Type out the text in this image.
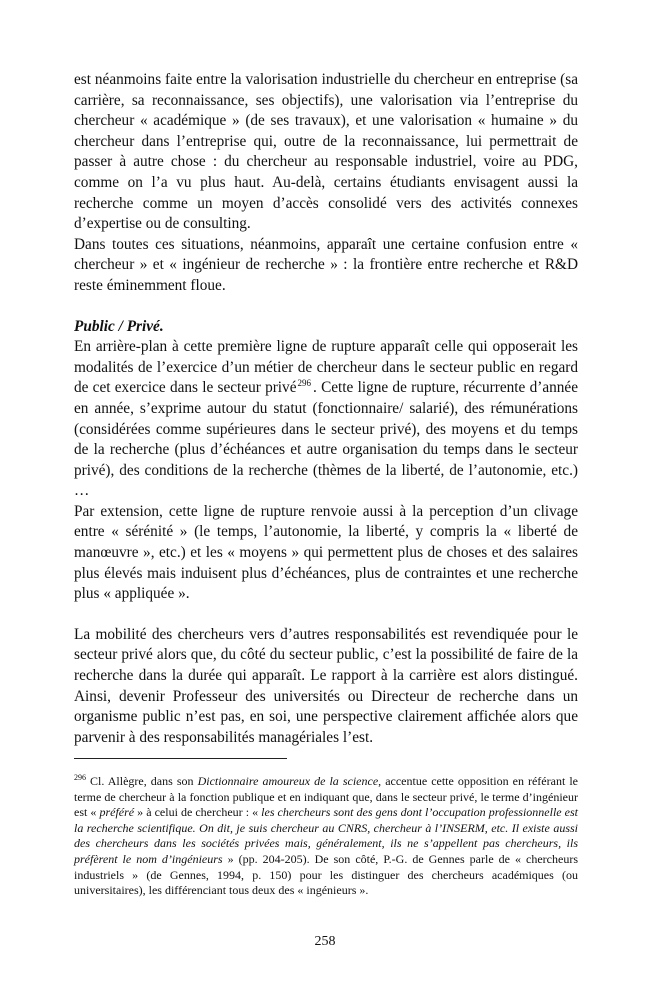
est néanmoins faite entre la valorisation industrielle du chercheur en entreprise (sa carrière, sa reconnaissance, ses objectifs), une valorisation via l’entreprise du chercheur « académique » (de ses travaux), et une valorisation « humaine » du chercheur dans l’entreprise qui, outre de la reconnaissance, lui permettrait de passer à autre chose : du chercheur au responsable industriel, voire au PDG, comme on l’a vu plus haut. Au-delà, certains étudiants envisagent aussi la recherche comme un moyen d’accès consolidé vers des activités connexes d’expertise ou de consulting.

Dans toutes ces situations, néanmoins, apparaît une certaine confusion entre « chercheur » et « ingénieur de recherche » : la frontière entre recherche et R&D reste éminemment floue.

Public / Privé.
En arrière-plan à cette première ligne de rupture apparaît celle qui opposerait les modalités de l’exercice d’un métier de chercheur dans le secteur public en regard de cet exercice dans le secteur privé$^{296}$ . Cette ligne de rupture, récurrente d’année en année, s’exprime autour du statut (fonctionnaire/ salarié), des rémunérations (considérées comme supérieures dans le secteur privé), des moyens et du temps de la recherche (plus d’échéances et autre organisation du temps dans le secteur privé), des conditions de la recherche (thèmes de la liberté, de l’autonomie, etc.) …

Par extension, cette ligne de rupture renvoie aussi à la perception d’un clivage entre « sérénité » (le temps, l’autonomie, la liberté, y compris la « liberté de manœuvre », etc.) et les « moyens » qui permettent plus de choses et des salaires plus élevés mais induisent plus d’échéances, plus de contraintes et une recherche plus « appliquée ».

La mobilité des chercheurs vers d’autres responsabilités est revendiquée pour le secteur privé alors que, du côté du secteur public, c’est la possibilité de faire de la recherche dans la durée qui apparaît. Le rapport à la carrière est alors distingué. Ainsi, devenir Professeur des universités ou Directeur de recherche dans un organisme public n’est pas, en soi, une perspective clairement affichée alors que parvenir à des responsabilités managériales l’est.

$^{296}$ Cl. Allègre, dans son Dictionnaire amoureux de la science, accentue cette opposition en référant le terme de chercheur à la fonction publique et en indiquant que, dans le secteur privé, le terme d’ingénieur est « préféré » à celui de chercheur : « les chercheurs sont des gens dont l’occupation professionnelle est la recherche scientifique. On dit, je suis chercheur au CNRS, chercheur à l’INSERM, etc. Il existe aussi des chercheurs dans les sociétés privées mais, généralement, ils ne s’appellent pas chercheurs, ils préfèrent le nom d’ingénieurs » (pp. 204-205). De son côté, P.-G. de Gennes parle de « chercheurs industriels » (de Gennes, 1994, p. 150) pour les distinguer des chercheurs académiques (ou universitaires), les différenciant tous deux des « ingénieurs ».

258
